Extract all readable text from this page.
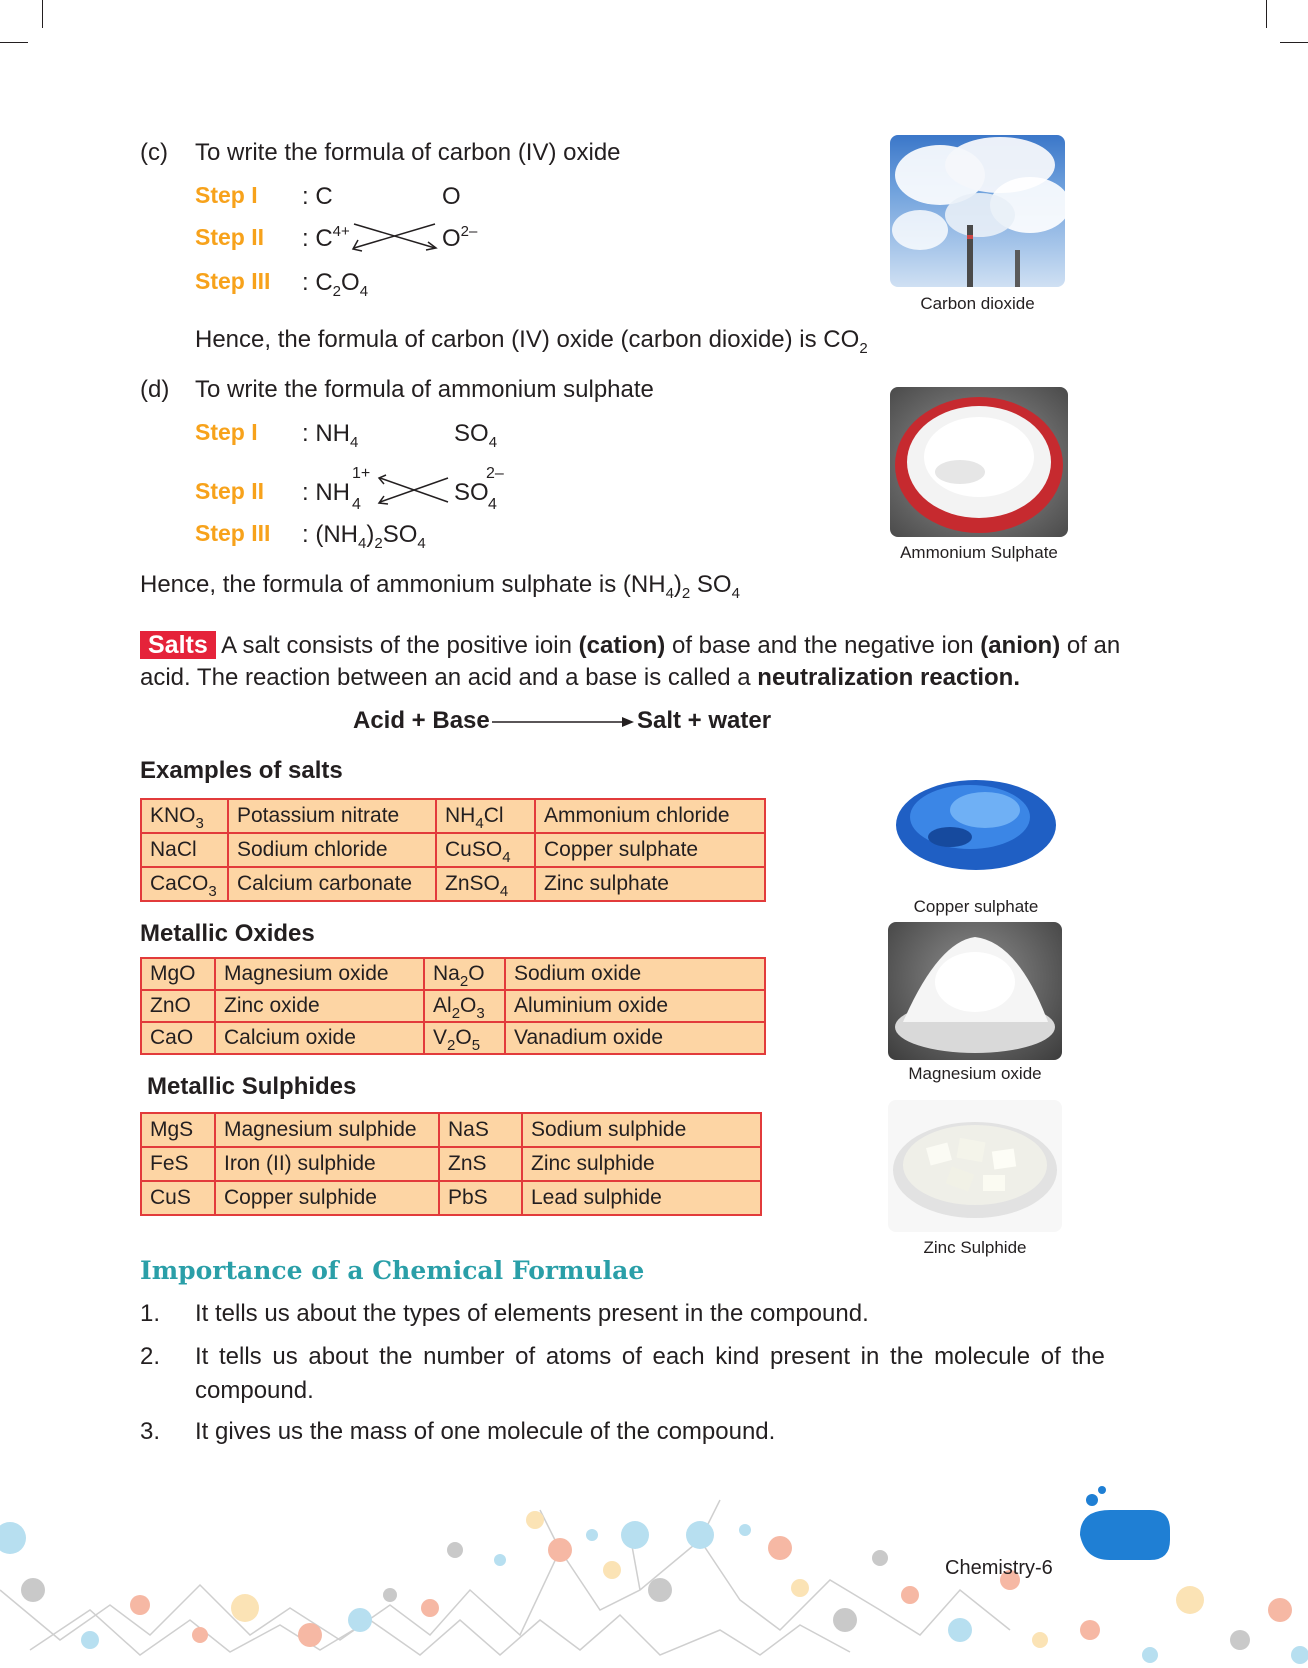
(c) To write the formula of carbon (IV) oxide
Step I : C	O
Step II : $C^{4+}$	$O^{2-}$
Step III : $C_2O_4$
Hence, the formula of carbon (IV) oxide (carbon dioxide) is $CO_2$
Carbon dioxide
(d) To write the formula of ammonium sulphate
Step I : $NH_4$	$SO_4$
Step II : NH
1+
4	SO
2–
4
Step III : $(NH_4)_2SO_4$
Hence, the formula of ammonium sulphate is $(NH_4)_2$ $SO_4$
Ammonium Sulphate
Salts A salt consists of the positive ioin (cation) of base and the negative ion (anion) of an
acid. The reaction between an acid and a base is called a neutralization reaction.
Acid + Base	Salt + water
Examples of salts
$KNO_3$	Potassium nitrate	$NH_4Cl$	Ammonium chloride
NaCl	Sodium chloride	CuSO$_4$	Copper sulphate
CaCO$_3$	Calcium carbonate	ZnSO$_4$	Zinc sulphate
Copper sulphate
Metallic Oxides
MgO	Magnesium oxide	$Na_2O$	Sodium oxide
ZnO	Zinc oxide	$Al_2O_3$	Aluminium oxide
CaO	Calcium oxide	$V_2O_5$	Vanadium oxide
Magnesium oxide
Metallic Sulphides
MgS	Magnesium sulphide	NaS	Sodium sulphide
FeS	Iron (II) sulphide	ZnS	Zinc sulphide
CuS	Copper sulphide	PbS	Lead sulphide
Zinc Sulphide
Importance of a Chemical Formulae
1. It tells us about the types of elements present in the compound.
2. It tells us about the number of atoms of each kind present in the molecule of the
compound.
3. It gives us the mass of one molecule of the compound.
Chemistry-6	43
